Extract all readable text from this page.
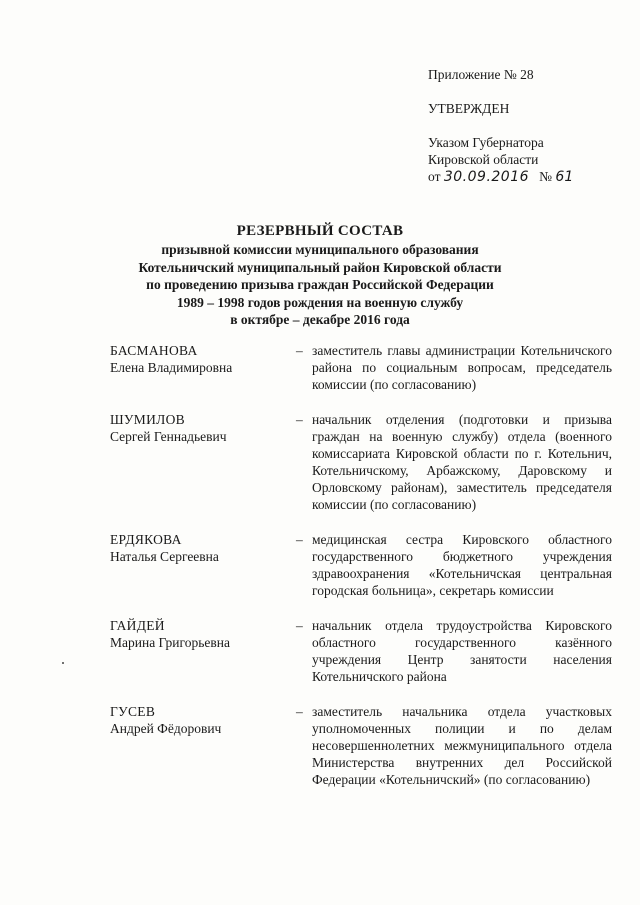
Приложение № 28
УТВЕРЖДЕН
Указом Губернатора
Кировской области
от 30.09.2016 № 61
РЕЗЕРВНЫЙ СОСТАВ
призывной комиссии муниципального образования
Котельничский муниципальный район Кировской области
по проведению призыва граждан Российской Федерации
1989 – 1998 годов рождения на военную службу
в октябре – декабре 2016 года
БАСМАНОВА
Елена Владимировна
– заместитель главы администрации Котельничского района по социальным вопросам, председатель комиссии (по согласованию)
ШУМИЛОВ
Сергей Геннадьевич
– начальник отделения (подготовки и призыва граждан на военную службу) отдела (военного комиссариата Кировской области по г. Котельнич, Котельничскому, Арбажскому, Даровскому и Орловскому районам), заместитель председателя комиссии (по согласованию)
ЕРДЯКОВА
Наталья Сергеевна
– медицинская сестра Кировского областного государственного бюджетного учреждения здравоохранения «Котельничская центральная городская больница», секретарь комиссии
ГАЙДЕЙ
Марина Григорьевна
– начальник отдела трудоустройства Кировского областного государственного казённого учреждения Центр занятости населения Котельничского района
ГУСЕВ
Андрей Фёдорович
– заместитель начальника отдела участковых уполномоченных полиции и по делам несовершеннолетних межмуниципального отдела Министерства внутренних дел Российской Федерации «Котельничский» (по согласованию)
